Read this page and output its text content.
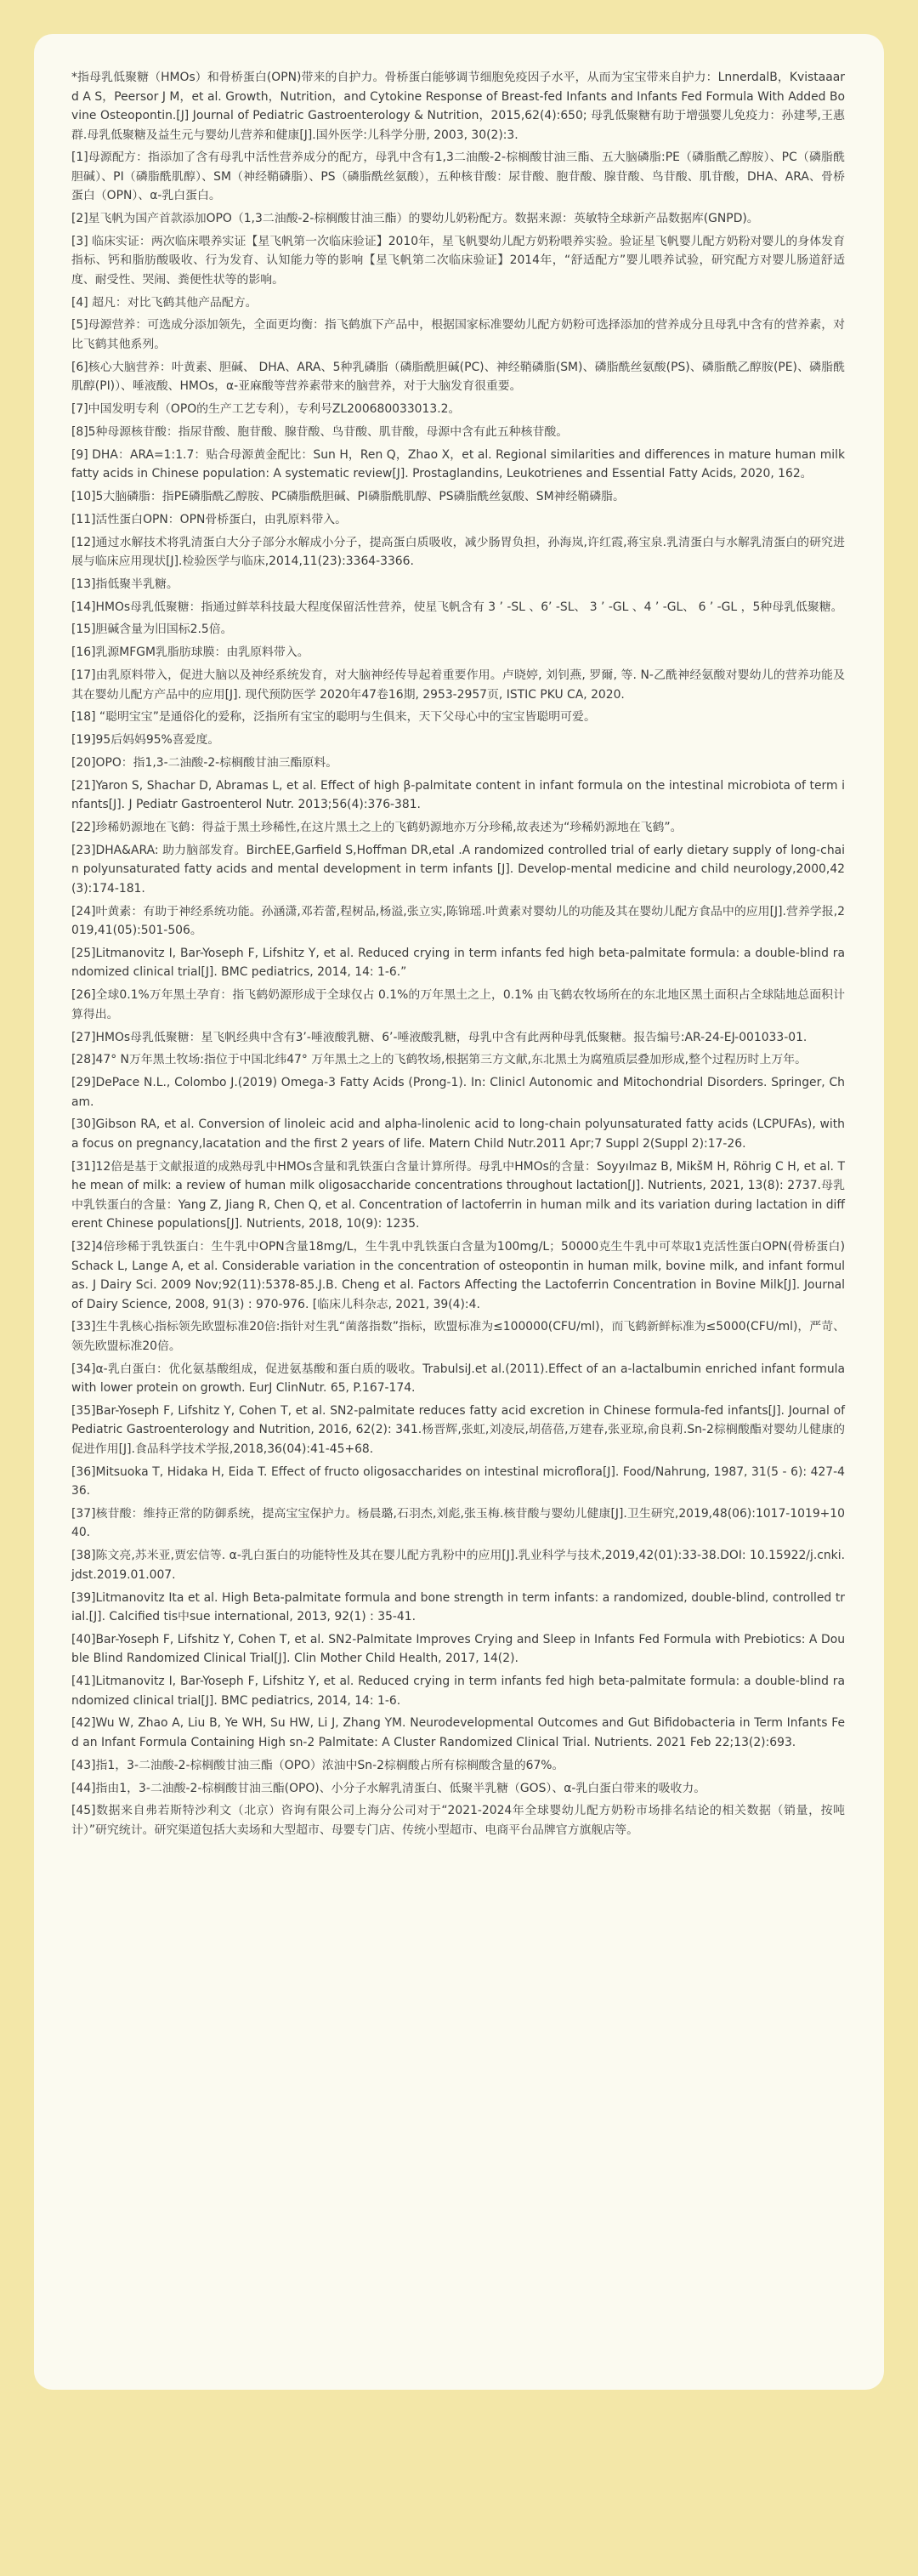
*指母乳低聚糖（HMOs）和骨桥蛋白(OPN)带来的自护力。骨桥蛋白能够调节细胞免疫因子水平，从而为宝宝带来自护力：LnnerdalB，Kvistaaard A S，Peersor J M，et al. Growth，Nutrition，and Cytokine Response of Breast-fed Infants and Infants Fed Formula With Added Bovine Osteopontin.[J] Journal of Pediatric Gastroenterology & Nutrition，2015,62(4):650; 母乳低聚糖有助于增强婴儿免疫力：孙建琴,王惠群.母乳低聚糖及益生元与婴幼儿营养和健康[J].国外医学:儿科学分册, 2003, 30(2):3.

[1]母源配方：指添加了含有母乳中活性营养成分的配方，母乳中含有1,3二油酸-2-棕榈酸甘油三酯、五大脑磷脂:PE（磷脂酰乙醇胺）、PC（磷脂酰胆碱）、PI（磷脂酰肌醇）、SM（神经鞘磷脂）、PS（磷脂酰丝氨酸），五种核苷酸：尿苷酸、胞苷酸、腺苷酸、鸟苷酸、肌苷酸，DHA、ARA、骨桥蛋白（OPN）、α-乳白蛋白。

[2]星飞帆为国产首款添加OPO（1,3二油酸-2-棕榈酸甘油三酯）的婴幼儿奶粉配方。数据来源：英敏特全球新产品数据库(GNPD)。

[3] 临床实证：两次临床喂养实证【星飞帆第一次临床验证】2010年，星飞帆婴幼儿配方奶粉喂养实验。验证星飞帆婴儿配方奶粉对婴儿的身体发育指标、钙和脂肪酸吸收、行为发育、认知能力等的影响【星飞帆第二次临床验证】2014年，“舒适配方”婴儿喂养试验，研究配方对婴儿肠道舒适度、耐受性、哭闹、粪便性状等的影响。

[4] 超凡：对比飞鹤其他产品配方。

[5]母源营养：可选成分添加领先，全面更均衡：指飞鹤旗下产品中，根据国家标准婴幼儿配方奶粉可选择添加的营养成分且母乳中含有的营养素，对比飞鹤其他系列。

[6]核心大脑营养：叶黄素、胆碱、 DHA、ARA、5种乳磷脂（磷脂酰胆碱(PC)、神经鞘磷脂(SM)、磷脂酰丝氨酸(PS)、磷脂酰乙醇胺(PE)、磷脂酰肌醇(PI)）、唾液酸、HMOs，α-亚麻酸等营养素带来的脑营养，对于大脑发育很重要。

[7]中国发明专利（OPO的生产工艺专利），专利号ZL200680033013.2。

[8]5种母源核苷酸：指尿苷酸、胞苷酸、腺苷酸、鸟苷酸、肌苷酸，母源中含有此五种核苷酸。

[9] DHA：ARA=1:1.7：贴合母源黄金配比：Sun H，Ren Q，Zhao X，et al. Regional similarities and differences in mature human milk fatty acids in Chinese population: A systematic review[J]. Prostaglandins, Leukotrienes and Essential Fatty Acids, 2020, 162。

[10]5大脑磷脂：指PE磷脂酰乙醇胺、PC磷脂酰胆碱、PI磷脂酰肌醇、PS磷脂酰丝氨酸、SM神经鞘磷脂。

[11]活性蛋白OPN：OPN骨桥蛋白，由乳原料带入。

[12]通过水解技术将乳清蛋白大分子部分水解成小分子，提高蛋白质吸收，减少肠胃负担，孙海岚,许红霞,蒋宝泉.乳清蛋白与水解乳清蛋白的研究进展与临床应用现状[J].检验医学与临床,2014,11(23):3364-3366.

[13]指低聚半乳糖。

[14]HMOs母乳低聚糖：指通过鲜萃科技最大程度保留活性营养，使星飞帆含有 3 ’ -SL 、6’ -SL、 3 ’ -GL 、4 ’ -GL、 6 ’ -GL ，5种母乳低聚糖。

[15]胆碱含量为旧国标2.5倍。

[16]乳源MFGM乳脂肪球膜：由乳原料带入。

[17]由乳原料带入，促进大脑以及神经系统发育，对大脑神经传导起着重要作用。卢晓婷, 刘钊燕, 罗爾, 等. N-乙酰神经氨酸对婴幼儿的营养功能及其在婴幼儿配方产品中的应用[J]. 现代预防医学 2020年47卷16期, 2953-2957页, ISTIC PKU CA, 2020.

[18] “聪明宝宝”是通俗化的爱称，泛指所有宝宝的聪明与生俱来，天下父母心中的宝宝皆聪明可爱。

[19]95后妈妈95%喜爱度。

[20]OPO：指1,3-二油酸-2-棕榈酸甘油三酯原料。

[21]Yaron S, Shachar D, Abramas L, et al. Effect of high β-palmitate content in infant formula on the intestinal microbiota of term infants[J]. J Pediatr Gastroenterol Nutr. 2013;56(4):376-381.

[22]珍稀奶源地在飞鹤：得益于黑土珍稀性,在这片黑土之上的飞鹤奶源地亦万分珍稀,故表述为“珍稀奶源地在飞鹤”。

[23]DHA&ARA: 助力脑部发育。BirchEE,Garfield S,Hoffman DR,etal .A randomized controlled trial of early dietary supply of long-chain polyunsaturated fatty acids and mental development in term infants [J]. Develop-mental medicine and child neurology,2000,42(3):174-181.

[24]叶黄素：有助于神经系统功能。孙涵潇,邓若蕾,程树品,杨溢,张立实,陈锦瑶.叶黄素对婴幼儿的功能及其在婴幼儿配方食品中的应用[J].营养学报,2019,41(05):501-506。

[25]Litmanovitz I, Bar-Yoseph F, Lifshitz Y, et al. Reduced crying in term infants fed high beta-palmitate formula: a double-blind randomized clinical trial[J]. BMC pediatrics, 2014, 14: 1-6.”

[26]全球0.1%万年黑土孕育：指飞鹤奶源形成于全球仅占 0.1%的万年黑土之上，0.1% 由飞鹤农牧场所在的东北地区黑土面积占全球陆地总面积计算得出。

[27]HMOs母乳低聚糖：星飞帆经典中含有3’-唾液酸乳糖、6’-唾液酸乳糖，母乳中含有此两种母乳低聚糖。报告编号:AR-24-EJ-001033-01.

[28]47° N万年黑土牧场:指位于中国北纬47° 万年黑土之上的飞鹤牧场,根据第三方文献,东北黑土为腐殖质层叠加形成,整个过程历时上万年。

[29]DePace N.L., Colombo J.(2019) Omega-3 Fatty Acids (Prong-1). In: Clinicl Autonomic and Mitochondrial Disorders. Springer, Cham.

[30]Gibson RA, et al. Conversion of linoleic acid and alpha-linolenic acid to long-chain polyunsaturated fatty acids (LCPUFAs), with a focus on pregnancy,lacatation and the first 2 years of life. Matern Child Nutr.2011 Apr;7 Suppl 2(Suppl 2):17-26.

[31]12倍是基于文献报道的成熟母乳中HMOs含量和乳铁蛋白含量计算所得。母乳中HMOs的含量：Soyyılmaz B, MikšM H, Röhrig C H, et al. The mean of milk: a review of human milk oligosaccharide concentrations throughout lactation[J]. Nutrients, 2021, 13(8): 2737.母乳中乳铁蛋白的含量：Yang Z, Jiang R, Chen Q, et al. Concentration of lactoferrin in human milk and its variation during lactation in different Chinese populations[J]. Nutrients, 2018, 10(9): 1235.

[32]4倍珍稀于乳铁蛋白：生牛乳中OPN含量18mg/L，生牛乳中乳铁蛋白含量为100mg/L；50000克生牛乳中可萃取1克活性蛋白OPN(骨桥蛋白) Schack L, Lange A, et al. Considerable variation in the concentration of osteopontin in human milk, bovine milk, and infant formulas. J Dairy Sci. 2009 Nov;92(11):5378-85.J.B. Cheng et al. Factors Affecting the Lactoferrin Concentration in Bovine Milk[J]. Journal of Dairy Science, 2008, 91(3) : 970-976. [临床儿科杂志, 2021, 39(4):4.

[33]生牛乳核心指标领先欧盟标准20倍:指针对生乳“菌落指数”指标，欧盟标准为≤100000(CFU/ml)，而飞鹤新鲜标准为≤5000(CFU/ml)，严苛、领先欧盟标准20倍。

[34]α-乳白蛋白：优化氨基酸组成，促进氨基酸和蛋白质的吸收。TrabulsiJ.et al.(2011).Effect of an a-lactalbumin enriched infant formula with lower protein on growth. EurJ ClinNutr. 65, P.167-174.

[35]Bar-Yoseph F, Lifshitz Y, Cohen T, et al. SN2-palmitate reduces fatty acid excretion in Chinese formula-fed infants[J]. Journal of Pediatric Gastroenterology and Nutrition, 2016, 62(2): 341.杨晋辉,张虹,刘凌辰,胡蓓蓓,万建春,张亚琼,俞良莉.Sn-2棕榈酸酯对婴幼儿健康的促进作用[J].食品科学技术学报,2018,36(04):41-45+68.

[36]Mitsuoka T, Hidaka H, Eida T. Effect of fructo oligosaccharides on intestinal microflora[J]. Food/Nahrung, 1987, 31(5 - 6): 427-436.

[37]核苷酸：维持正常的防御系统，提高宝宝保护力。杨晨璐,石羽杰,刘彪,张玉梅.核苷酸与婴幼儿健康[J].卫生研究,2019,48(06):1017-1019+1040.

[38]陈文亮,苏米亚,贾宏信等. α-乳白蛋白的功能特性及其在婴儿配方乳粉中的应用[J].乳业科学与技术,2019,42(01):33-38.DOI: 10.15922/j.cnki.jdst.2019.01.007.

[39]Litmanovitz Ita et al. High Beta-palmitate formula and bone strength in term infants: a randomized, double-blind, controlled trial.[J]. Calcified tis中sue international, 2013, 92(1) : 35-41.

[40]Bar-Yoseph F, Lifshitz Y, Cohen T, et al. SN2-Palmitate Improves Crying and Sleep in Infants Fed Formula with Prebiotics: A Double Blind Randomized Clinical Trial[J]. Clin Mother Child Health, 2017, 14(2).

[41]Litmanovitz I, Bar-Yoseph F, Lifshitz Y, et al. Reduced crying in term infants fed high beta-palmitate formula: a double-blind randomized clinical trial[J]. BMC pediatrics, 2014, 14: 1-6.

[42]Wu W, Zhao A, Liu B, Ye WH, Su HW, Li J, Zhang YM. Neurodevelopmental Outcomes and Gut Bifidobacteria in Term Infants Fed an Infant Formula Containing High sn-2 Palmitate: A Cluster Randomized Clinical Trial. Nutrients. 2021 Feb 22;13(2):693.

[43]指1，3-二油酸-2-棕榈酸甘油三酯（OPO）浓油中Sn-2棕榈酸占所有棕榈酸含量的67%。

[44]指由1，3-二油酸-2-棕榈酸甘油三酯(OPO)、小分子水解乳清蛋白、低聚半乳糖（GOS）、α-乳白蛋白带来的吸收力。

[45]数据来自弗若斯特沙利文（北京）咨询有限公司上海分公司对于“2021-2024年全球婴幼儿配方奶粉市场排名结论的相关数据（销量，按吨计）”研究统计。研究渠道包括大卖场和大型超市、母婴专门店、传统小型超市、电商平台品牌官方旗舰店等。
